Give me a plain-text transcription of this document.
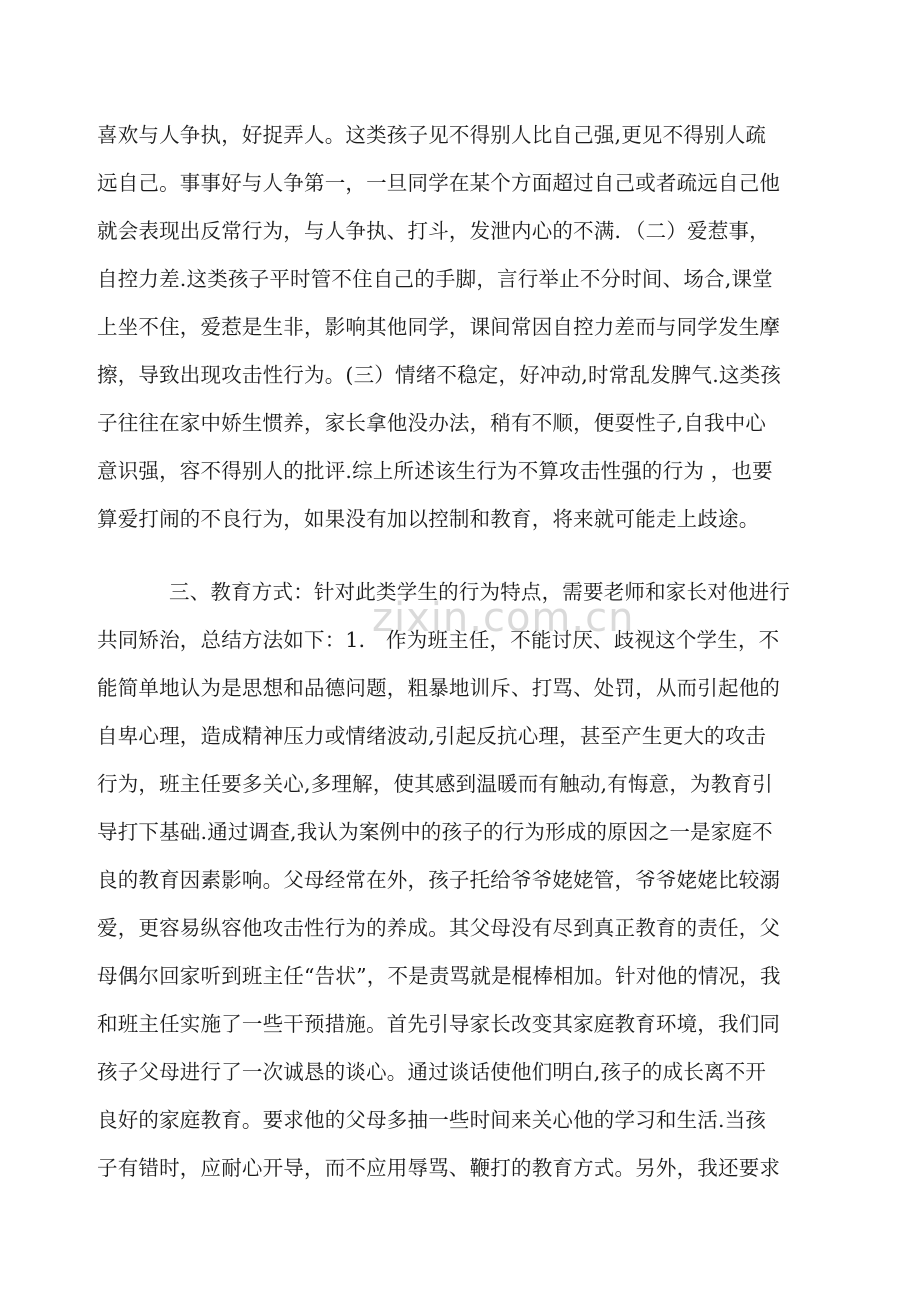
喜欢与人争执，好捉弄人。这类孩子见不得别人比自己强,更见不得别人疏
远自己。事事好与人争第一，一旦同学在某个方面超过自己或者疏远自己他
就会表现出反常行为，与人争执、打斗，发泄内心的不满．（二）爱惹事，
自控力差.这类孩子平时管不住自己的手脚，言行举止不分时间、场合,课堂
上坐不住，爱惹是生非，影响其他同学，课间常因自控力差而与同学发生摩
擦，导致出现攻击性行为。(三）情绪不稳定，好冲动,时常乱发脾气.这类孩
子往往在家中娇生惯养，家长拿他没办法，稍有不顺，便耍性子,自我中心
意识强，容不得别人的批评.综上所述该生行为不算攻击性强的行为 ，也要
算爱打闹的不良行为，如果没有加以控制和教育，将来就可能走上歧途。
三、教育方式：针对此类学生的行为特点，需要老师和家长对他进行
共同矫治，总结方法如下：1． 作为班主任，不能讨厌、歧视这个学生，不
能简单地认为是思想和品德问题，粗暴地训斥、打骂、处罚，从而引起他的
自卑心理，造成精神压力或情绪波动,引起反抗心理，甚至产生更大的攻击
行为，班主任要多关心,多理解，使其感到温暖而有触动,有悔意，为教育引
导打下基础.通过调查,我认为案例中的孩子的行为形成的原因之一是家庭不
良的教育因素影响。父母经常在外，孩子托给爷爷姥姥管，爷爷姥姥比较溺
爱，更容易纵容他攻击性行为的养成。其父母没有尽到真正教育的责任，父
母偶尔回家听到班主任“告状”，不是责骂就是棍棒相加。针对他的情况，我
和班主任实施了一些干预措施。首先引导家长改变其家庭教育环境，我们同
孩子父母进行了一次诚恳的谈心。通过谈话使他们明白,孩子的成长离不开
良好的家庭教育。要求他的父母多抽一些时间来关心他的学习和生活.当孩
子有错时，应耐心开导，而不应用辱骂、鞭打的教育方式。另外，我还要求
zixin.com.cn
